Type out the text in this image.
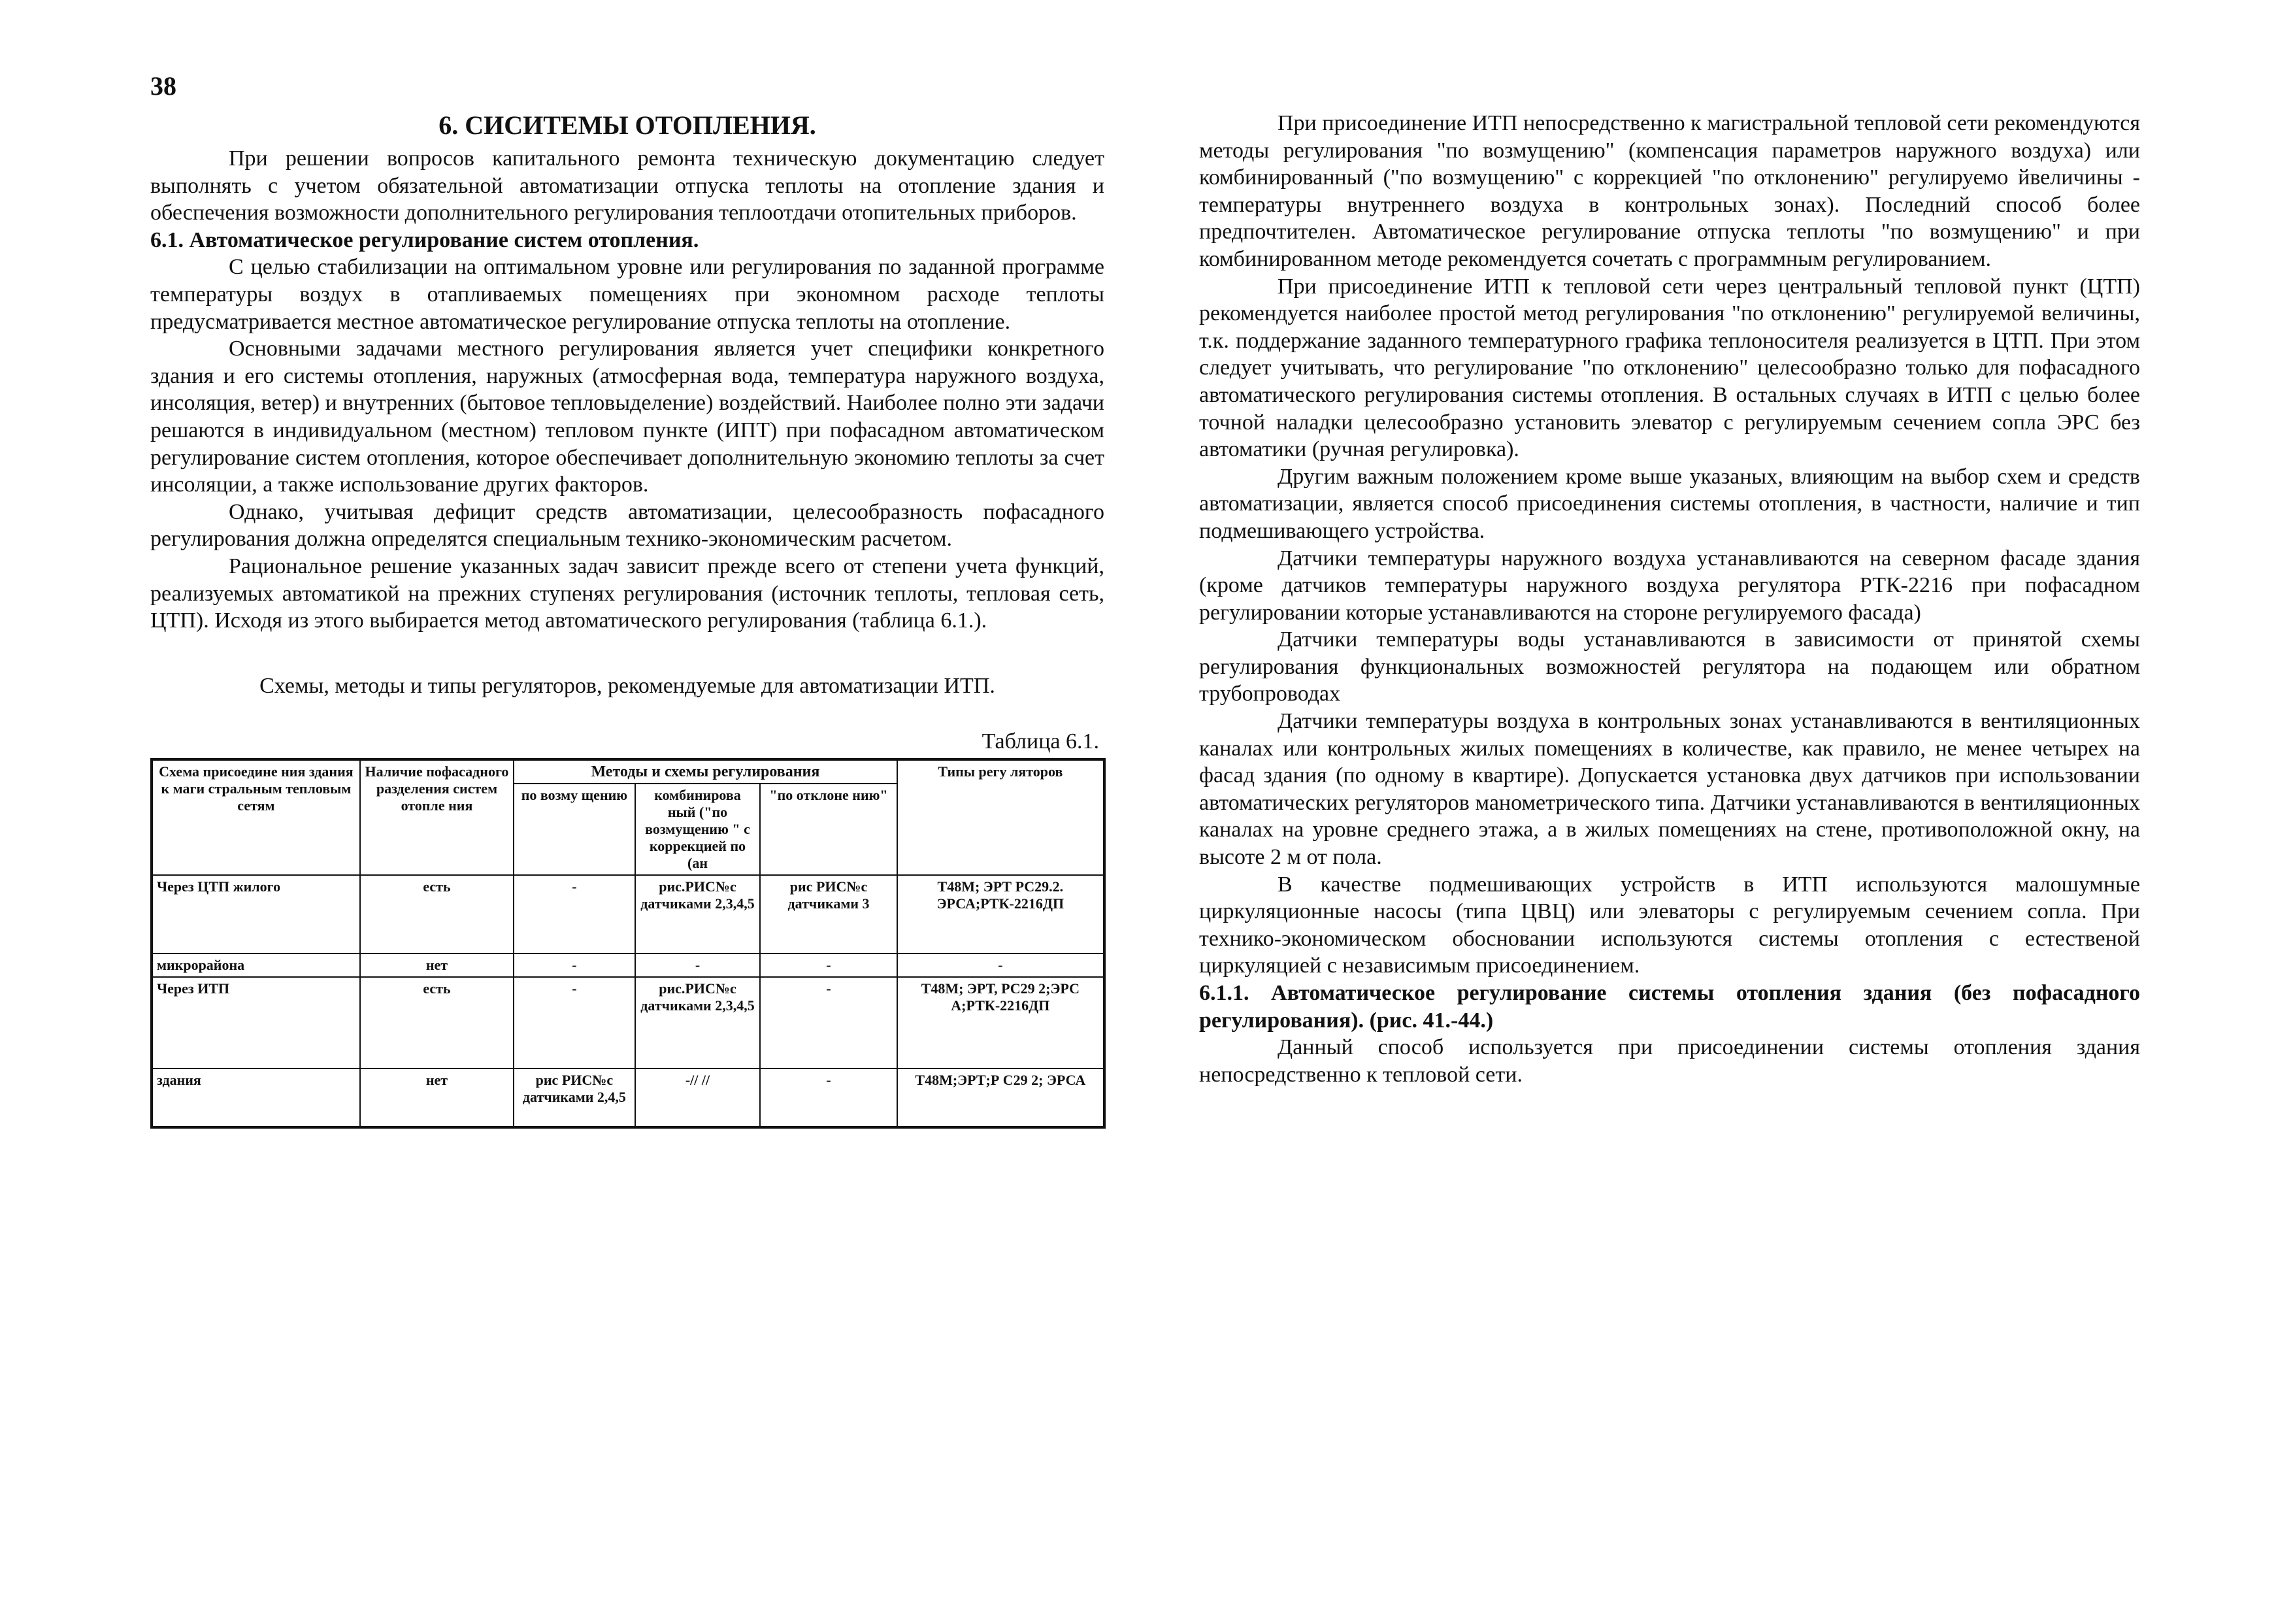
38
6. СИСИТЕМЫ ОТОПЛЕНИЯ.

При решении вопросов капитального ремонта техническую документацию следует выполнять с учетом обязательной автоматизации отпуска теплоты на отопление здания и обеспечения возможности дополнительного регулирования теплоотдачи отопительных приборов.

6.1. Автоматическое регулирование систем отопления.

С целью стабилизации на оптимальном уровне или регулирования по заданной программе температуры воздух в отапливаемых помещениях при экономном расходе теплоты предусматривается местное автоматическое регулирование отпуска теплоты на отопление.

Основными задачами местного регулирования является учет специфики конкретного здания и его системы отопления, наружных (атмосферная вода, температура наружного воздуха, инсоляция, ветер) и внутренних (бытовое тепловыделение) воздействий. Наиболее полно эти задачи решаются в индивидуальном (местном) тепловом пункте (ИПТ) при пофасадном автоматическом регулирование систем отопления, которое обеспечивает дополнительную экономию теплоты за счет инсоляции, а также использование других факторов.

Однако, учитывая дефицит средств автоматизации, целесообразность пофасадного регулирования должна определятся специальным технико-экономическим расчетом.

Рациональное решение указанных задач зависит прежде всего от степени учета функций, реализуемых автоматикой на прежних ступенях регулирования (источник теплоты, тепловая сеть, ЦТП). Исходя из этого выбирается метод автоматического регулирования (таблица 6.1.).

Схемы, методы и типы регуляторов, рекомендуемые для автоматизации ИТП.

Таблица 6.1.
Схема присоедине ния здания к маги стральным тепловым сетям	Наличие пофасадного разделения систем отопле ния	Методы и схемы регулирования			Типы регу ляторов
		по возму щению	комбинирова ный ("по возмущению " с коррекцией по (ан	"по отклоне нию"	
Через ЦТП жилого	есть	-	рис.РИС№с датчиками 2,3,4,5	рис РИС№с датчиками 3	Т48М; ЭРТ РС29.2. ЭРСА;РТК-2216ДП
микрорайона	нет	-	-	-	-
Через ИТП	есть	-	рис.РИС№с датчиками 2,3,4,5	-	Т48М; ЭРТ, РС29 2;ЭРС А;РТК-2216ДП
здания	нет	рис РИС№с датчиками 2,4,5	-// //	-	Т48М;ЭРТ;Р С29 2; ЭРСА

При присоединение ИТП непосредственно к магистральной тепловой сети рекомендуются методы регулирования "по возмущению" (компенсация параметров наружного воздуха) или комбинированный ("по возмущению" с коррекцией "по отклонению" регулируемо йвеличины - температуры внутреннего воздуха в контрольных зонах). Последний способ более предпочтителен. Автоматическое регулирование отпуска теплоты "по возмущению" и при комбинированном методе рекомендуется сочетать с программным регулированием.

При присоединение ИТП к тепловой сети через центральный тепловой пункт (ЦТП) рекомендуется наиболее простой метод регулирования "по отклонению" регулируемой величины, т.к. поддержание заданного температурного графика теплоносителя реализуется в ЦТП. При этом следует учитывать, что регулирование "по отклонению" целесообразно только для пофасадного автоматического регулирования системы отопления. В остальных случаях в ИТП с целью более точной наладки целесообразно установить элеватор с регулируемым сечением сопла ЭРС без автоматики (ручная регулировка).

Другим важным положением кроме выше указаных, влияющим на выбор схем и средств автоматизации, является способ присоединения системы отопления, в частности, наличие и тип подмешивающего устройства.

Датчики температуры наружного воздуха устанавливаются на северном фасаде здания (кроме датчиков температуры наружного воздуха регулятора РТК-2216 при пофасадном регулировании которые устанавливаются на стороне регулируемого фасада)

Датчики температуры воды устанавливаются в зависимости от принятой схемы регулирования функциональных возможностей регулятора на подающем или обратном трубопроводах

Датчики температуры воздуха в контрольных зонах устанавливаются в вентиляционных каналах или контрольных жилых помещениях в количестве, как правило, не менее четырех на фасад здания (по одному в квартире). Допускается установка двух датчиков при использовании автоматических регуляторов манометрического типа. Датчики устанавливаются в вентиляционных каналах на уровне среднего этажа, а в жилых помещениях на стене, противоположной окну, на высоте 2 м от пола.

В качестве подмешивающих устройств в ИТП используются малошумные циркуляционные насосы (типа ЦВЦ) или элеваторы с регулируемым сечением сопла. При технико-экономическом обосновании используются системы отопления с естественой циркуляцией с независимым присоединением.

6.1.1. Автоматическое регулирование системы отопления здания (без пофасадного регулирования). (рис. 41.-44.)

Данный способ используется при присоединении системы отопления здания непосредственно к тепловой сети.
